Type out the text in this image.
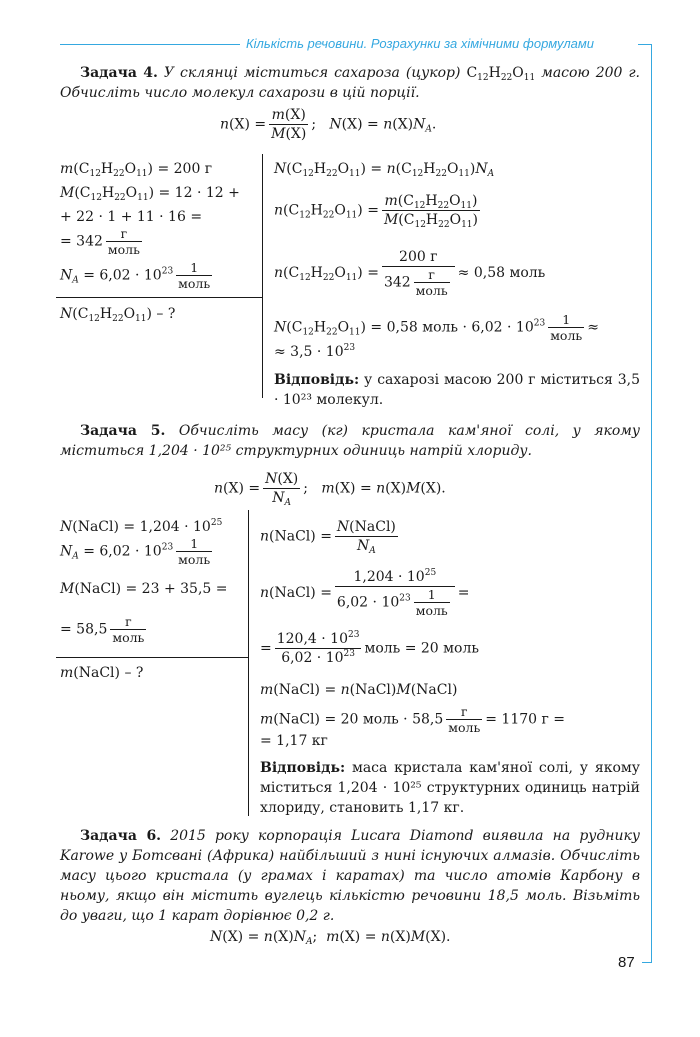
Кількість речовини. Розрахунки за хімічними формулами
87
Задача 4. У склянці міститься сахароза (цукор) $C_{12}H_{22}O_{11}$ масою 200 г. Обчисліть число молекул сахарози в цій порції.
$n(X) = \frac{m(X)}{M(X)}$ ;   $N(X) = n(X)N_A$.
$m(C_{12}H_{22}O_{11}) = 200$ г
$M(C_{12}H_{22}O_{11}) = 12 \cdot 12$ +
+ 22 · 1 + 11 · 16 =
= 342	г
моль
$N_A = 6,02 \cdot 10^{23}$	1
моль
$N(C_{12}H_{22}O_{11})$ – ?
$N(C_{12}H_{22}O_{11}) = n(C_{12}H_{22}O_{11})N_A$
$n(C_{12}H_{22}O_{11}) = \frac{m(C_{12}H_{22}O_{11})}{M(C_{12}H_{22}O_{11})}$
$n(C_{12}H_{22}O_{11})$ =
200 г
342	г
моль
≈ 0,58 моль
$N(C_{12}H_{22}O_{11}) = 0,58$ моль · $6,02 \cdot 10^{23}$	1
моль ≈
≈ $3,5 \cdot 10^{23}$
Відповідь: у сахарозі масою 200 г міститься 3,5 · 10²³ молекул.
Задача 5. Обчисліть масу (кг) кристала кам'яної солі, у якому міститься 1,204 · 10²⁵ структурних одиниць натрій хлориду.
$n(X) = \frac{N(X)}{N_A}$ ;   m(X) = n(X)M(X).
N(NaCl) = $1,204 \cdot 10^{25}$
$N_A = 6,02 \cdot 10^{23}$	1
моль
M(NaCl) = 23 + 35,5 =
= 58,5	г
моль
m(NaCl) – ?
n(NaCl) =
N(NaCl)
$N_A$
n(NaCl) =
$1,204 \cdot 10^{25}$
$6,02 \cdot 10^{23}$	1
моль
=
= $\frac{120,4 \cdot 10^{23}}{6,02 \cdot 10^{23}}$ моль = 20 моль
m(NaCl) = n(NaCl)M(NaCl)
m(NaCl) = 20 моль · 58,5	г
моль = 1170 г =
= 1,17 кг
Відповідь: маса кристала кам'яної солі, у якому міститься 1,204 · 10²⁵ структурних одиниць натрій хлориду, становить 1,17 кг.
Задача 6. 2015 року корпорація Lucara Diamond виявила на руднику Karowe у Ботсвані (Африка) найбільший з нині існуючих алмазів. Обчисліть масу цього кристала (у грамах і каратах) та число атомів Карбону в ньому, якщо він містить вуглець кількістю речовини 18,5 моль. Візьміть до уваги, що 1 карат дорівнює 0,2 г.
$N(X) = n(X)N_A$;  m(X) = n(X)M(X).
